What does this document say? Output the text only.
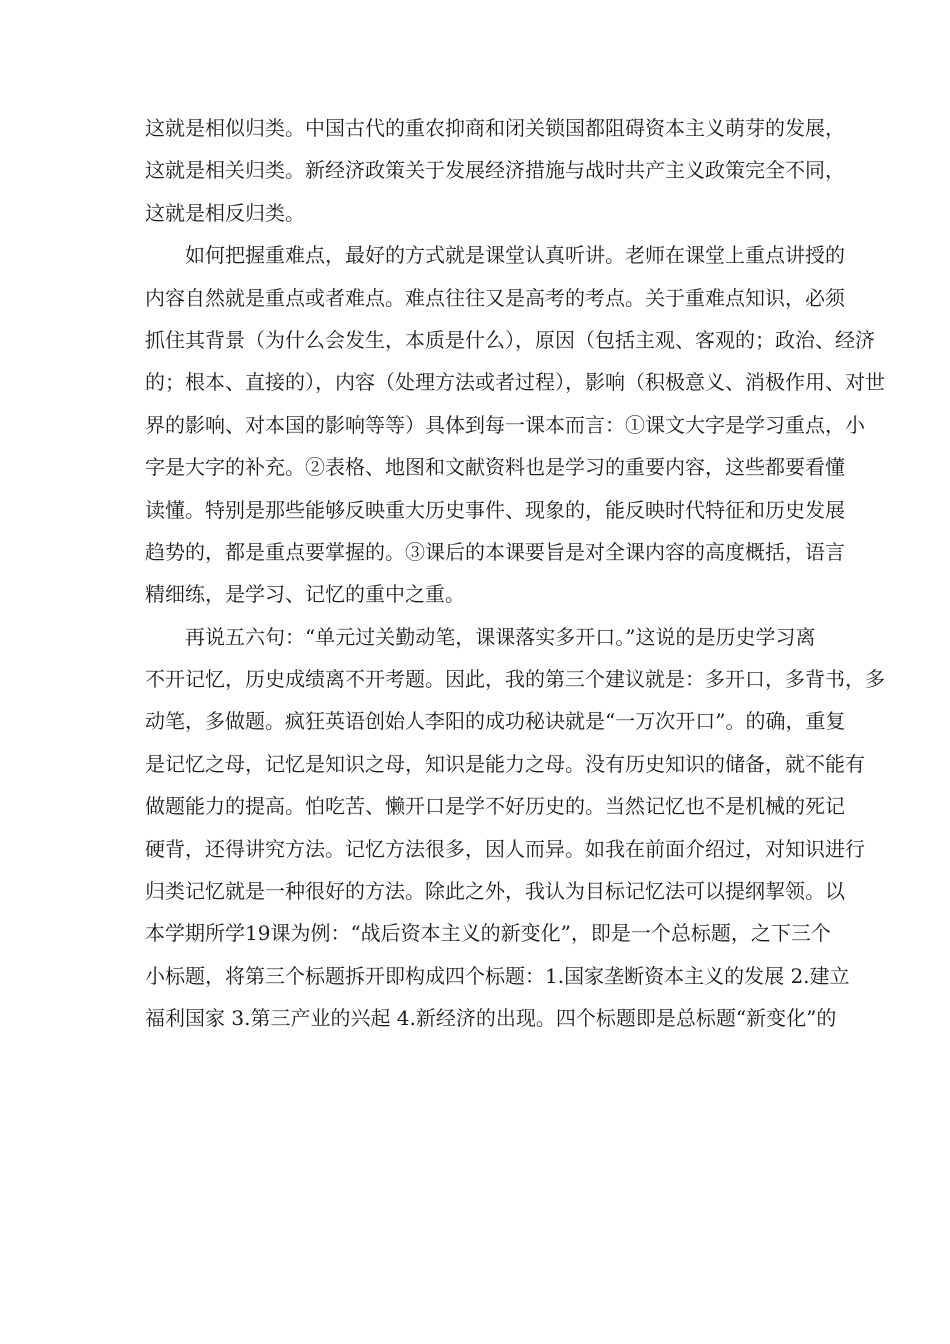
这就是相似归类。中国古代的重农抑商和闭关锁国都阻碍资本主义萌芽的发展，
这就是相关归类。新经济政策关于发展经济措施与战时共产主义政策完全不同，
这就是相反归类。
如何把握重难点，最好的方式就是课堂认真听讲。老师在课堂上重点讲授的
内容自然就是重点或者难点。难点往往又是高考的考点。关于重难点知识，必须
抓住其背景（为什么会发生，本质是什么），原因（包括主观、客观的；政治、经济
的；根本、直接的），内容（处理方法或者过程），影响（积极意义、消极作用、对世
界的影响、对本国的影响等等）具体到每一课本而言：①课文大字是学习重点，小
字是大字的补充。②表格、地图和文献资料也是学习的重要内容，这些都要看懂
读懂。特别是那些能够反映重大历史事件、现象的，能反映时代特征和历史发展
趋势的，都是重点要掌握的。③课后的本课要旨是对全课内容的高度概括，语言
精细练，是学习、记忆的重中之重。
再说五六句：“单元过关勤动笔，课课落实多开口。”这说的是历史学习离
不开记忆，历史成绩离不开考题。因此，我的第三个建议就是：多开口，多背书，多
动笔，多做题。疯狂英语创始人李阳的成功秘诀就是“一万次开口”。的确，重复
是记忆之母，记忆是知识之母，知识是能力之母。没有历史知识的储备，就不能有
做题能力的提高。怕吃苦、懒开口是学不好历史的。当然记忆也不是机械的死记
硬背，还得讲究方法。记忆方法很多，因人而异。如我在前面介绍过，对知识进行
归类记忆就是一种很好的方法。除此之外，我认为目标记忆法可以提纲挈领。以
本学期所学19课为例：“战后资本主义的新变化”，即是一个总标题，之下三个
小标题，将第三个标题拆开即构成四个标题：1.国家垄断资本主义的发展 2.建立
福利国家 3.第三产业的兴起 4.新经济的出现。四个标题即是总标题“新变化”的
